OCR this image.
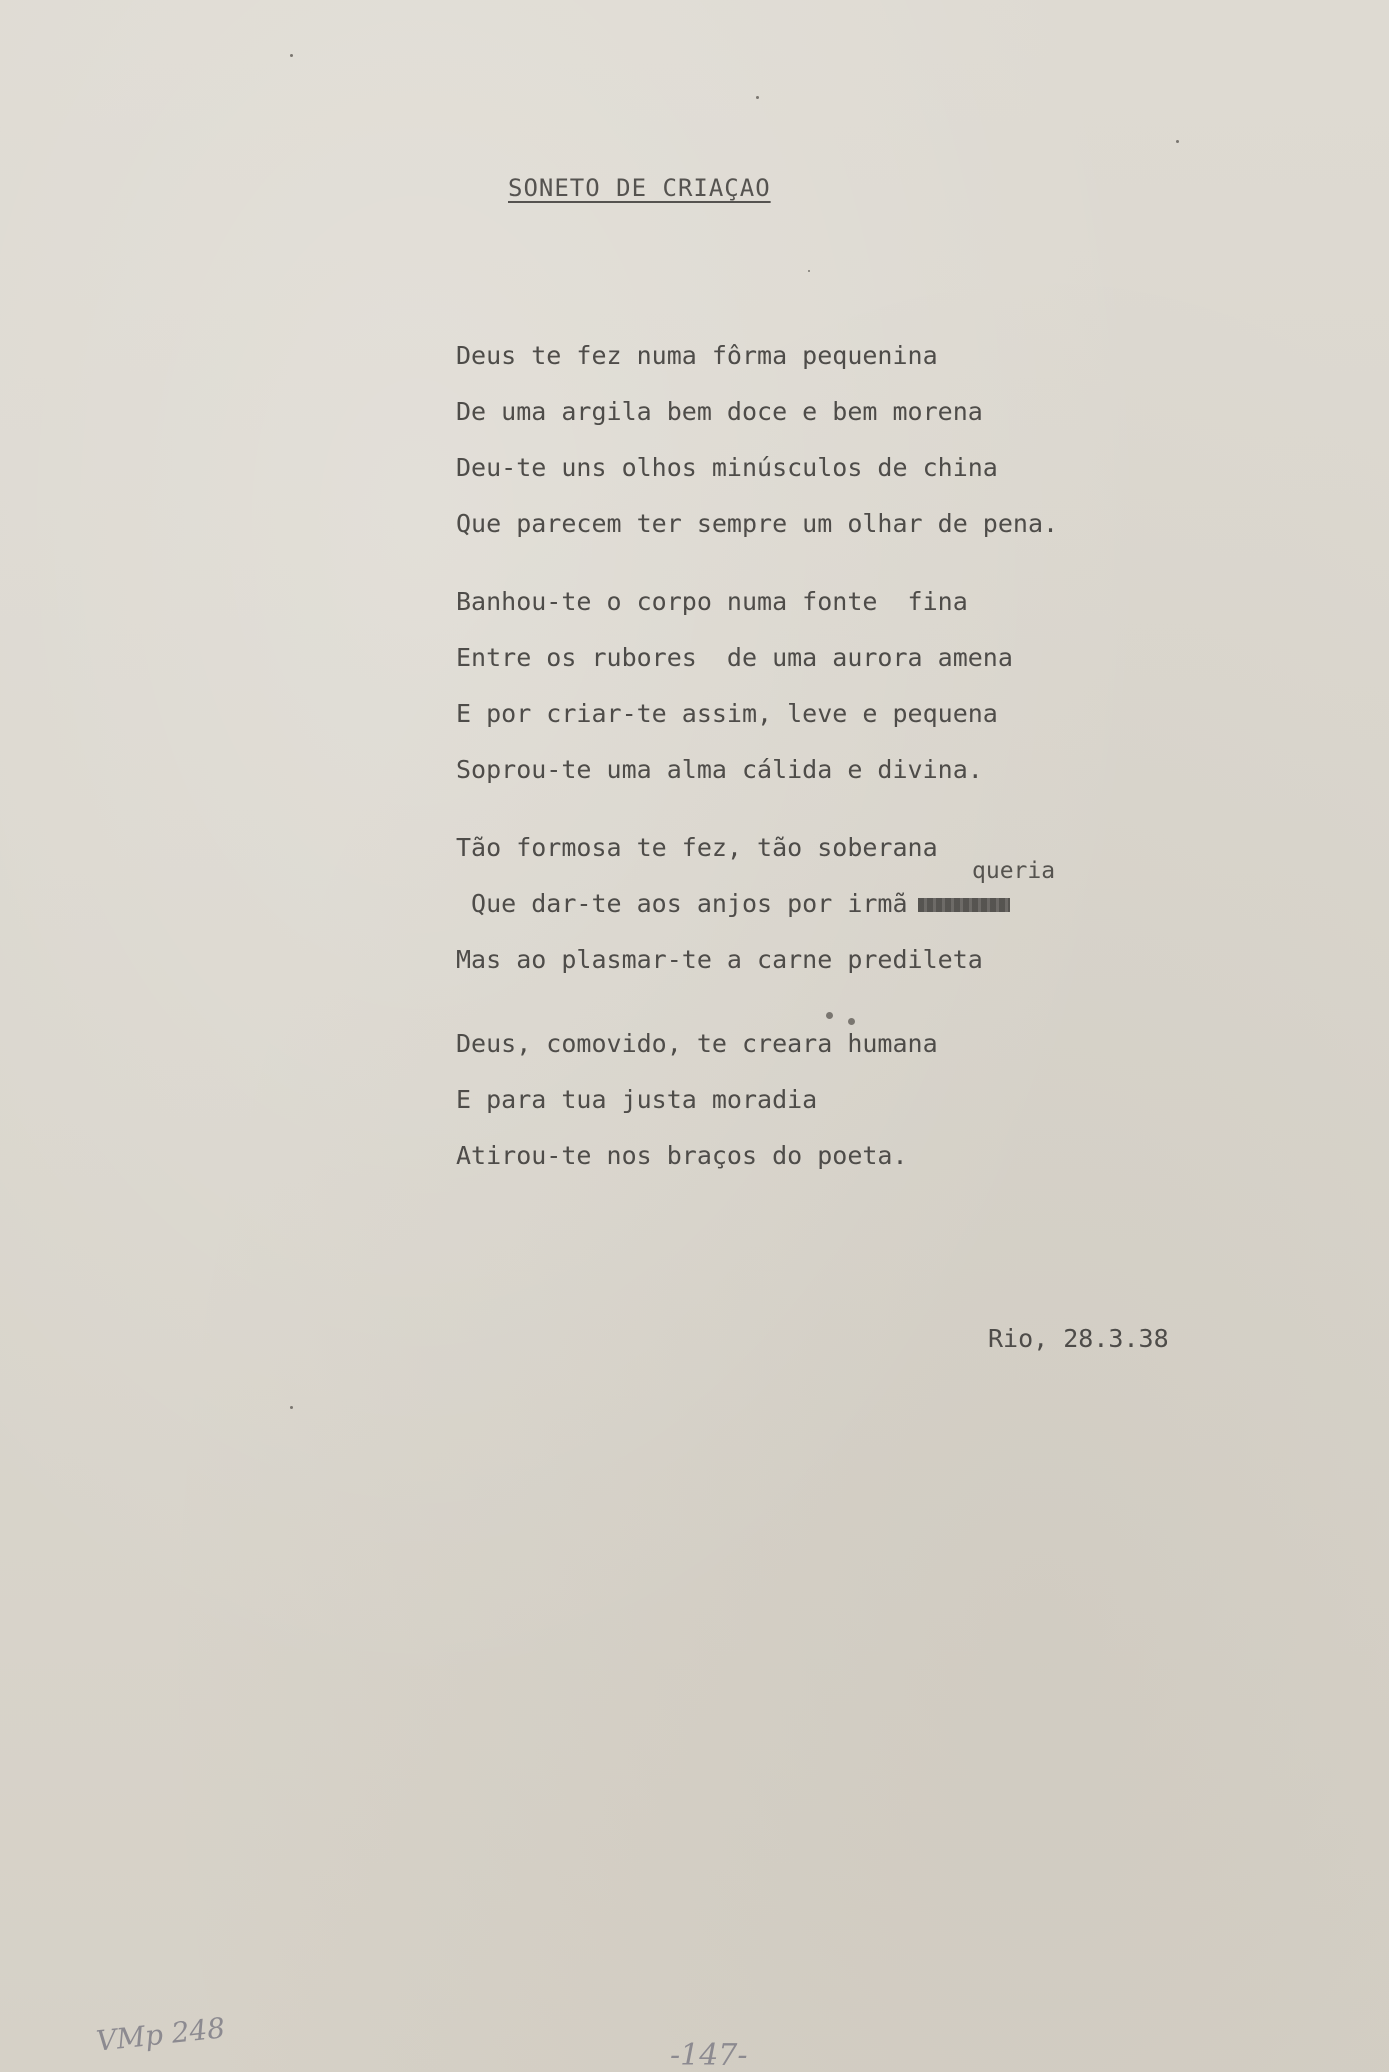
SONETO DE CRIAÇAO
Deus te fez numa fôrma pequenina
De uma argila bem doce e bem morena
Deu-te uns olhos minúsculos de china
Que parecem ter sempre um olhar de pena.
Banhou-te o corpo numa fonte  fina
Entre os rubores  de uma aurora amena
E por criar-te assim, leve e pequena
Soprou-te uma alma cálida e divina.
queria
Tão formosa te fez, tão soberana
Que dar-te aos anjos por irmã
Mas ao plasmar-te a carne predileta
Deus, comovido, te creara humana
E para tua justa moradia
Atirou-te nos braços do poeta.
Rio, 28.3.38
VMp 248	-147-
